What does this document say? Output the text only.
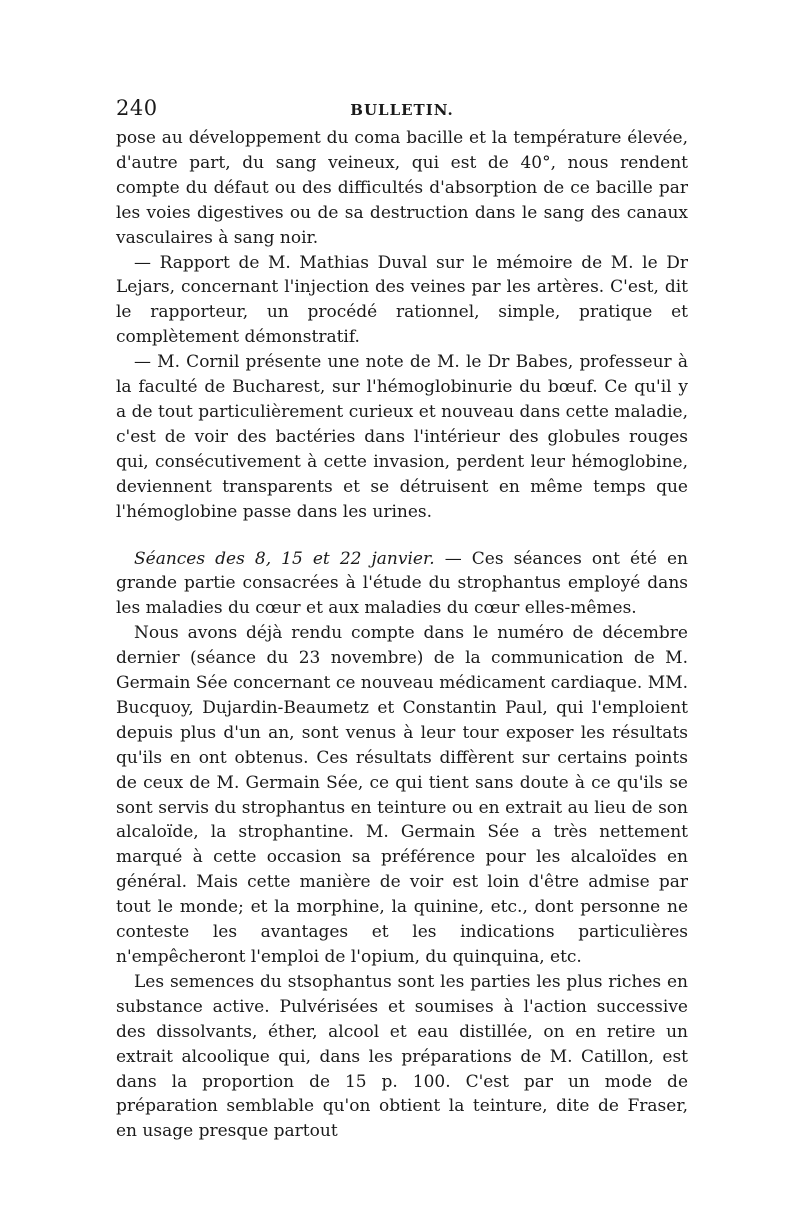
240	BULLETIN.

pose au développement du coma bacille et la température élevée, d'autre part, du sang veineux, qui est de 40°, nous rendent compte du défaut ou des difficultés d'absorption de ce bacille par les voies digestives ou de sa destruction dans le sang des canaux vasculaires à sang noir.

— Rapport de M. Mathias Duval sur le mémoire de M. le Dr Lejars, concernant l'injection des veines par les artères. C'est, dit le rapporteur, un procédé rationnel, simple, pratique et complètement démonstratif.

— M. Cornil présente une note de M. le Dr Babes, professeur à la faculté de Bucharest, sur l'hémoglobinurie du bœuf. Ce qu'il y a de tout particulièrement curieux et nouveau dans cette maladie, c'est de voir des bactéries dans l'intérieur des globules rouges qui, consécutivement à cette invasion, perdent leur hémoglobine, deviennent transparents et se détruisent en même temps que l'hémoglobine passe dans les urines.

Séances des 8, 15 et 22 janvier. — Ces séances ont été en grande partie consacrées à l'étude du strophantus employé dans les maladies du cœur et aux maladies du cœur elles-mêmes.

Nous avons déjà rendu compte dans le numéro de décembre dernier (séance du 23 novembre) de la communication de M. Germain Sée concernant ce nouveau médicament cardiaque. MM. Bucquoy, Dujardin-Beaumetz et Constantin Paul, qui l'emploient depuis plus d'un an, sont venus à leur tour exposer les résultats qu'ils en ont obtenus. Ces résultats diffèrent sur certains points de ceux de M. Germain Sée, ce qui tient sans doute à ce qu'ils se sont servis du strophantus en teinture ou en extrait au lieu de son alcaloïde, la strophantine. M. Germain Sée a très nettement marqué à cette occasion sa préférence pour les alcaloïdes en général. Mais cette manière de voir est loin d'être admise par tout le monde; et la morphine, la quinine, etc., dont personne ne conteste les avantages et les indications particulières n'empêcheront l'emploi de l'opium, du quinquina, etc.

Les semences du stsophantus sont les parties les plus riches en substance active. Pulvérisées et soumises à l'action successive des dissolvants, éther, alcool et eau distillée, on en retire un extrait alcoolique qui, dans les préparations de M. Catillon, est dans la proportion de 15 p. 100. C'est par un mode de préparation semblable qu'on obtient la teinture, dite de Fraser, en usage presque partout
